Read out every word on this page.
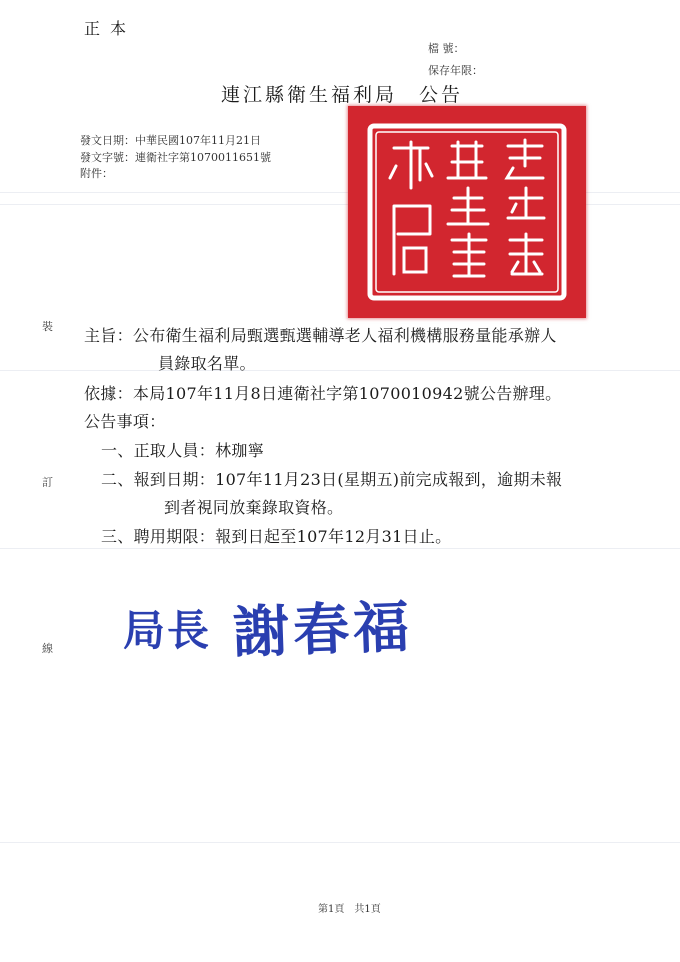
正本
檔 號：
保存年限：
連江縣衛生福利局　公告
發文日期：中華民國107年11月21日
發文字號：連衛社字第1070011651號
附件：
裝
訂
線
主旨：公布衛生福利局甄選甄選輔導老人福利機構服務量能承辦人
員錄取名單。
依據：本局107年11月8日連衛社字第1070010942號公告辦理。
公告事項：
一、正取人員：林珈寧
二、報到日期：107年11月23日(星期五)前完成報到，逾期未報
到者視同放棄錄取資格。
三、聘用期限：報到日起至107年12月31日止。
局長 謝春福
第1頁　共1頁
